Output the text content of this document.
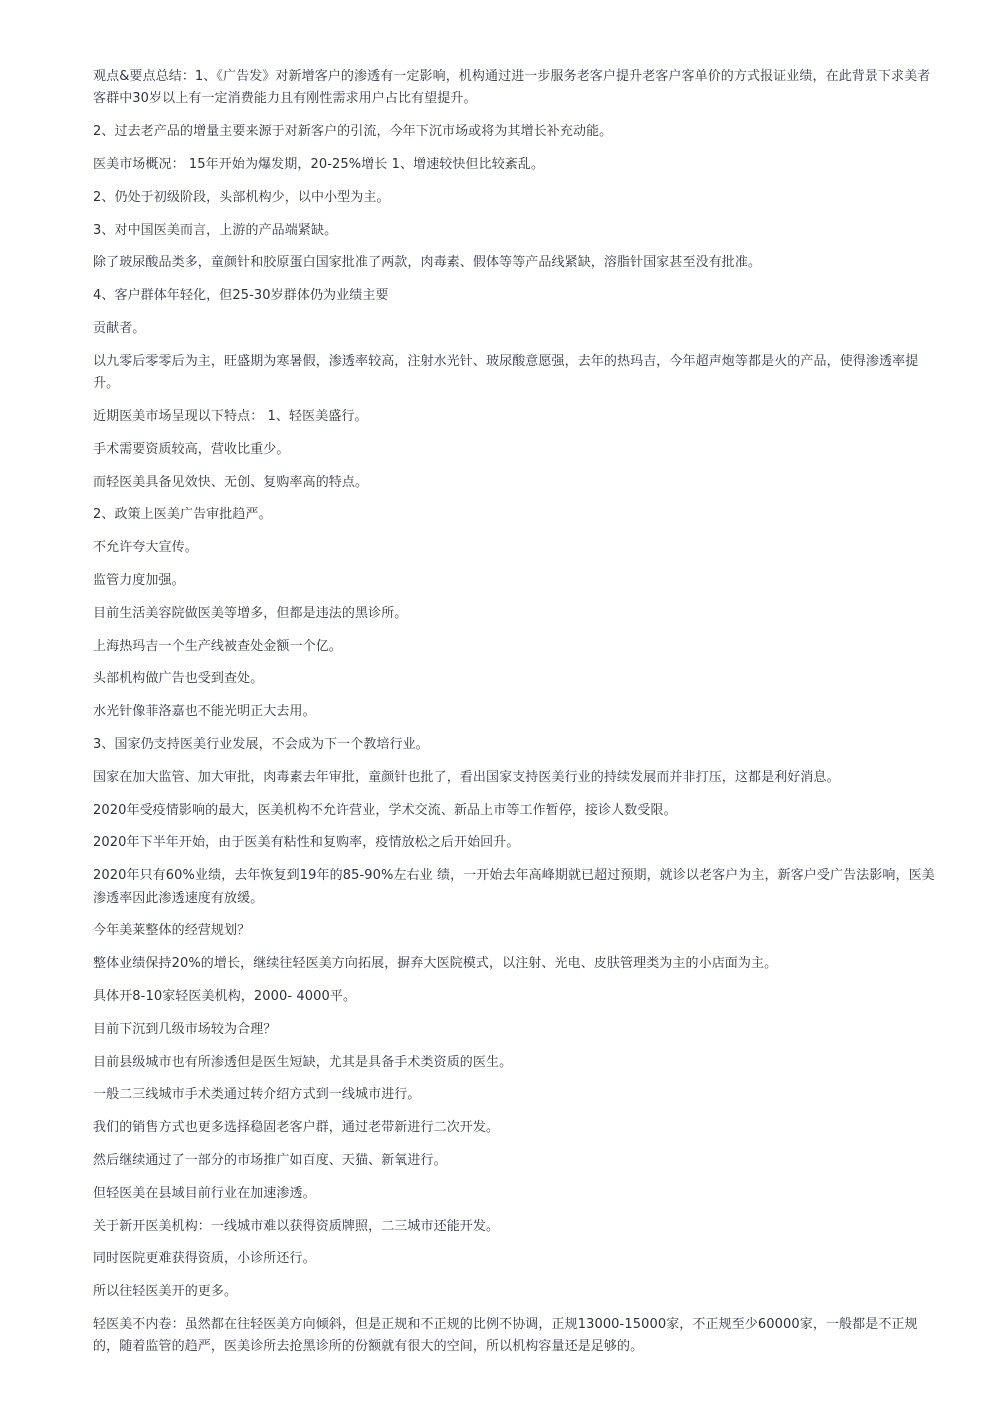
观点&要点总结：1、《广告发》对新增客户的渗透有一定影响，机构通过进一步服务老客户提升老客户客单价的方式报证业绩，在此背景下求美者客群中30岁以上有一定消费能力且有刚性需求用户占比有望提升。

2、过去老产品的增量主要来源于对新客户的引流，今年下沉市场或将为其增长补充动能。

医美市场概况： 15年开始为爆发期，20-25%增长 1、增速较快但比较紊乱。

2、仍处于初级阶段，头部机构少，以中小型为主。

3、对中国医美而言，上游的产品端紧缺。

除了玻尿酸品类多，童颜针和胶原蛋白国家批准了两款，肉毒素、假体等等产品线紧缺，溶脂针国家甚至没有批准。

4、客户群体年轻化，但25-30岁群体仍为业绩主要

贡献者。

以九零后零零后为主，旺盛期为寒暑假，渗透率较高，注射水光针、玻尿酸意愿强，去年的热玛吉，今年超声炮等都是火的产品，使得渗透率提升。

近期医美市场呈现以下特点： 1、轻医美盛行。

手术需要资质较高，营收比重少。

而轻医美具备见效快、无创、复购率高的特点。

2、政策上医美广告审批趋严。

不允许夸大宣传。

监管力度加强。

目前生活美容院做医美等增多，但都是违法的黑诊所。

上海热玛吉一个生产线被查处金额一个亿。

头部机构做广告也受到查处。

水光针像菲洛嘉也不能光明正大去用。

3、国家仍支持医美行业发展，不会成为下一个教培行业。

国家在加大监管、加大审批，肉毒素去年审批，童颜针也批了，看出国家支持医美行业的持续发展而并非打压，这都是利好消息。

2020年受疫情影响的最大，医美机构不允许营业，学术交流、新品上市等工作暂停，接诊人数受限。

2020年下半年开始，由于医美有粘性和复购率，疫情放松之后开始回升。

2020年只有60%业绩，去年恢复到19年的85-90%左右业 绩，一开始去年高峰期就已超过预期，就诊以老客户为主，新客户受广告法影响，医美渗透率因此渗透速度有放缓。

今年美莱整体的经营规划？

整体业绩保持20%的增长，继续往轻医美方向拓展，摒弃大医院模式，以注射、光电、皮肤管理类为主的小店面为主。

具体开8-10家轻医美机构，2000- 4000平。

目前下沉到几级市场较为合理？

目前县级城市也有所渗透但是医生短缺，尤其是具备手术类资质的医生。

一般二三线城市手术类通过转介绍方式到一线城市进行。

我们的销售方式也更多选择稳固老客户群，通过老带新进行二次开发。

然后继续通过了一部分的市场推广如百度、天猫、新氧进行。

但轻医美在县域目前行业在加速渗透。

关于新开医美机构：一线城市难以获得资质牌照，二三城市还能开发。

同时医院更难获得资质，小诊所还行。

所以往轻医美开的更多。

轻医美不内卷：虽然都在往轻医美方向倾斜，但是正规和不正规的比例不协调，正规13000-15000家，不正规至少60000家，一般都是不正规的，随着监管的趋严，医美诊所去抢黑诊所的份额就有很大的空间，所以机构容量还是足够的。
